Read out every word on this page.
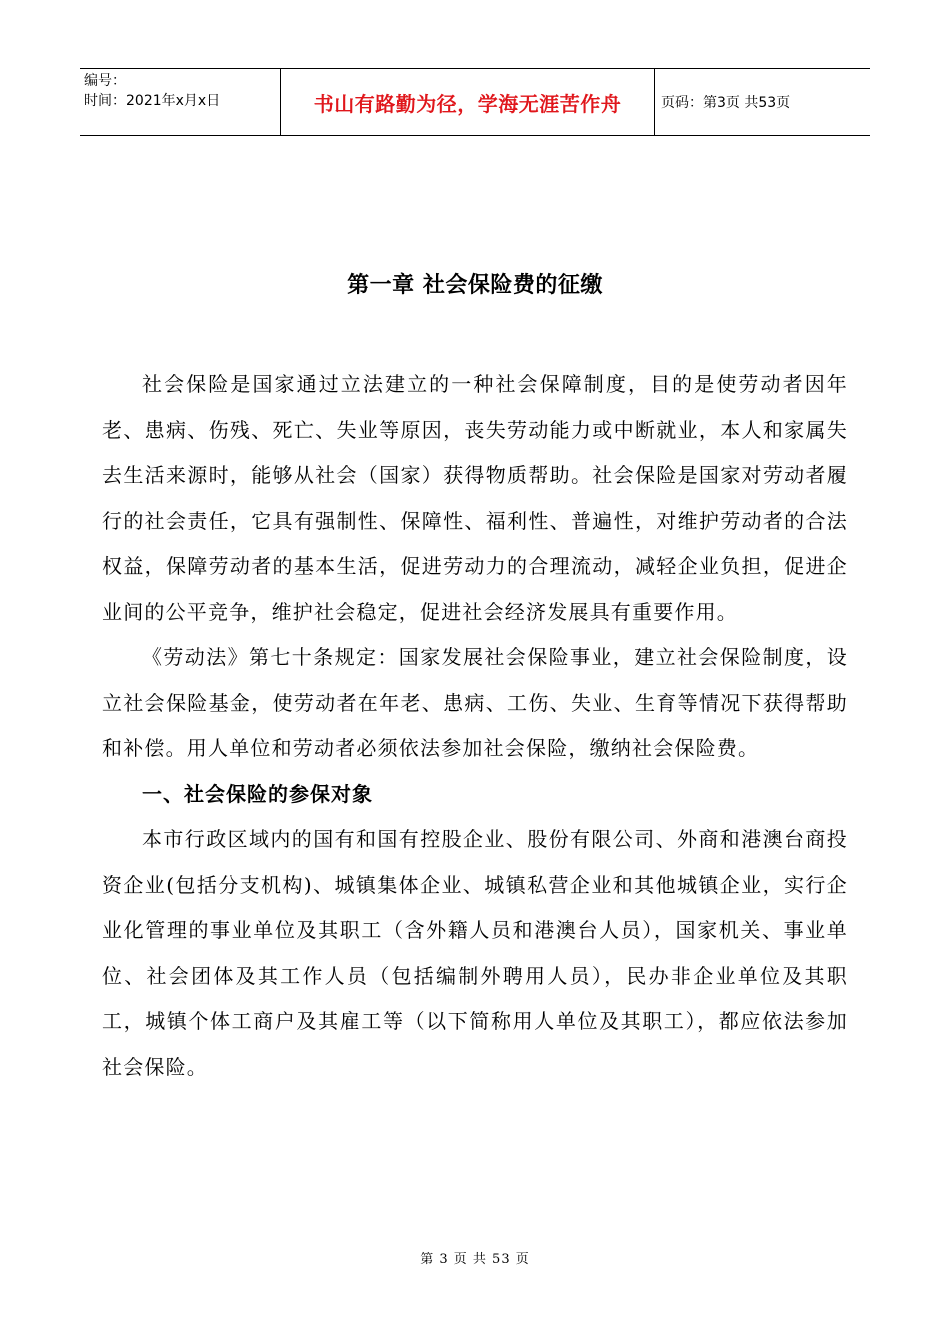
编号：
时间：2021年x月x日	书山有路勤为径，学海无涯苦作舟	页码：第3页 共53页
第一章 社会保险费的征缴

社会保险是国家通过立法建立的一种社会保障制度，目的是使劳动者因年老、患病、伤残、死亡、失业等原因，丧失劳动能力或中断就业，本人和家属失去生活来源时，能够从社会（国家）获得物质帮助。社会保险是国家对劳动者履行的社会责任，它具有强制性、保障性、福利性、普遍性，对维护劳动者的合法权益，保障劳动者的基本生活，促进劳动力的合理流动，减轻企业负担，促进企业间的公平竞争，维护社会稳定，促进社会经济发展具有重要作用。

《劳动法》第七十条规定：国家发展社会保险事业，建立社会保险制度，设立社会保险基金，使劳动者在年老、患病、工伤、失业、生育等情况下获得帮助和补偿。用人单位和劳动者必须依法参加社会保险，缴纳社会保险费。

一、社会保险的参保对象

本市行政区域内的国有和国有控股企业、股份有限公司、外商和港澳台商投资企业(包括分支机构)、城镇集体企业、城镇私营企业和其他城镇企业，实行企业化管理的事业单位及其职工（含外籍人员和港澳台人员），国家机关、事业单位、社会团体及其工作人员（包括编制外聘用人员），民办非企业单位及其职工，城镇个体工商户及其雇工等（以下简称用人单位及其职工），都应依法参加社会保险。

第 3 页 共 53 页
